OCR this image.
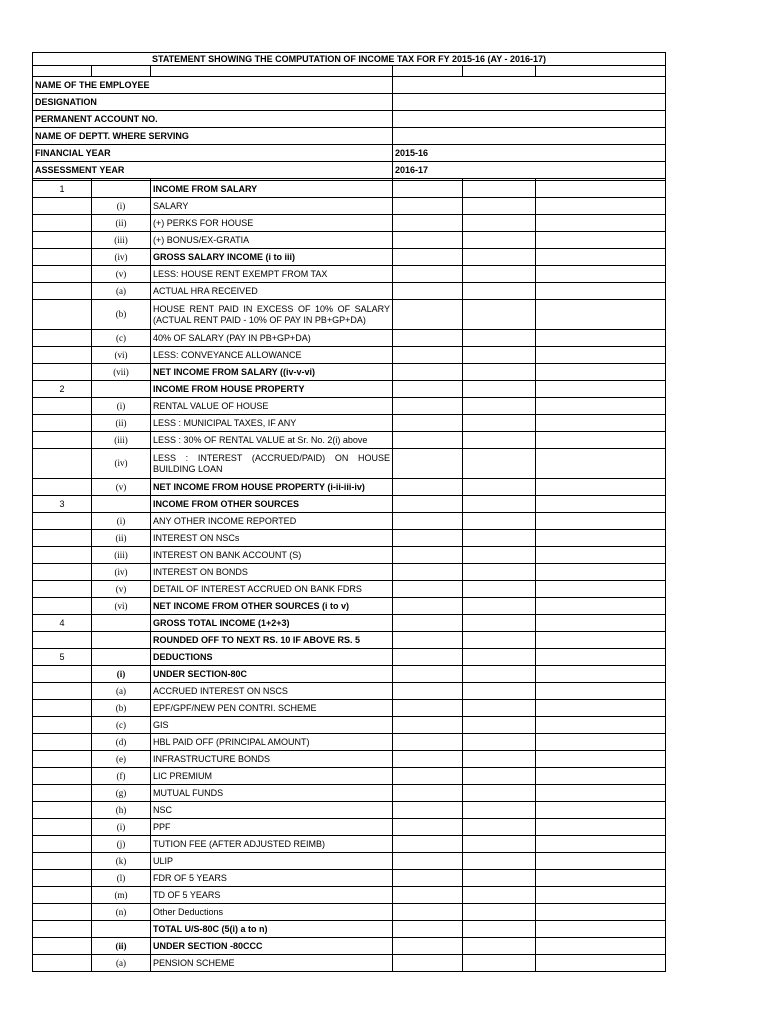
STATEMENT SHOWING THE COMPUTATION OF INCOME TAX FOR FY 2015-16 (AY - 2016-17)					

NAME OF THE EMPLOYEE					
DESIGNATION					
PERMANENT ACCOUNT NO.					
NAME OF DEPTT. WHERE SERVING					
FINANCIAL YEAR			2015-16		
ASSESSMENT YEAR			2016-17		

1		INCOME FROM SALARY			
	(i)	SALARY			
	(ii)	(+) PERKS FOR HOUSE			
	(iii)	(+) BONUS/EX-GRATIA			
	(iv)	GROSS SALARY INCOME (i to iii)			
	(v)	LESS: HOUSE RENT EXEMPT FROM TAX			
	(a)	ACTUAL HRA RECEIVED			
	(b)	HOUSE RENT PAID IN EXCESS OF 10% OF SALARY (ACTUAL RENT PAID - 10% OF PAY IN PB+GP+DA)			
	(c)	40% OF SALARY (PAY IN PB+GP+DA)			
	(vi)	LESS: CONVEYANCE ALLOWANCE			
	(vii)	NET INCOME FROM SALARY ((iv-v-vi)			
2		INCOME FROM HOUSE PROPERTY			
	(i)	RENTAL VALUE OF HOUSE			
	(ii)	LESS : MUNICIPAL TAXES, IF ANY			
	(iii)	LESS : 30% OF RENTAL VALUE at Sr. No. 2(i) above			
	(iv)	LESS : INTEREST (ACCRUED/PAID) ON HOUSE BUILDING LOAN			
	(v)	NET INCOME FROM HOUSE PROPERTY (i-ii-iii-iv)			
3		INCOME FROM OTHER SOURCES			
	(i)	ANY OTHER INCOME REPORTED			
	(ii)	INTEREST ON NSCs			
	(iii)	INTEREST ON BANK ACCOUNT (S)			
	(iv)	INTEREST ON BONDS			
	(v)	DETAIL OF INTEREST ACCRUED ON BANK FDRS			
	(vi)	NET INCOME FROM OTHER SOURCES (i to v)			
4		GROSS TOTAL INCOME (1+2+3)			
		ROUNDED OFF TO NEXT RS. 10 IF ABOVE RS. 5			
5		DEDUCTIONS			
	(i)	UNDER SECTION-80C			
	(a)	ACCRUED INTEREST ON NSCS			
	(b)	EPF/GPF/NEW PEN CONTRI. SCHEME			
	(c)	GIS			
	(d)	HBL PAID OFF (PRINCIPAL AMOUNT)			
	(e)	INFRASTRUCTURE BONDS			
	(f)	LIC PREMIUM			
	(g)	MUTUAL FUNDS			
	(h)	NSC			
	(i)	PPF			
	(j)	TUTION FEE (AFTER ADJUSTED REIMB)			
	(k)	ULIP			
	(l)	FDR OF 5 YEARS			
	(m)	TD OF 5 YEARS			
	(n)	Other Deductions			
		TOTAL U/S-80C (5(i) a to n)			
	(ii)	UNDER SECTION -80CCC			
	(a)	PENSION SCHEME			
